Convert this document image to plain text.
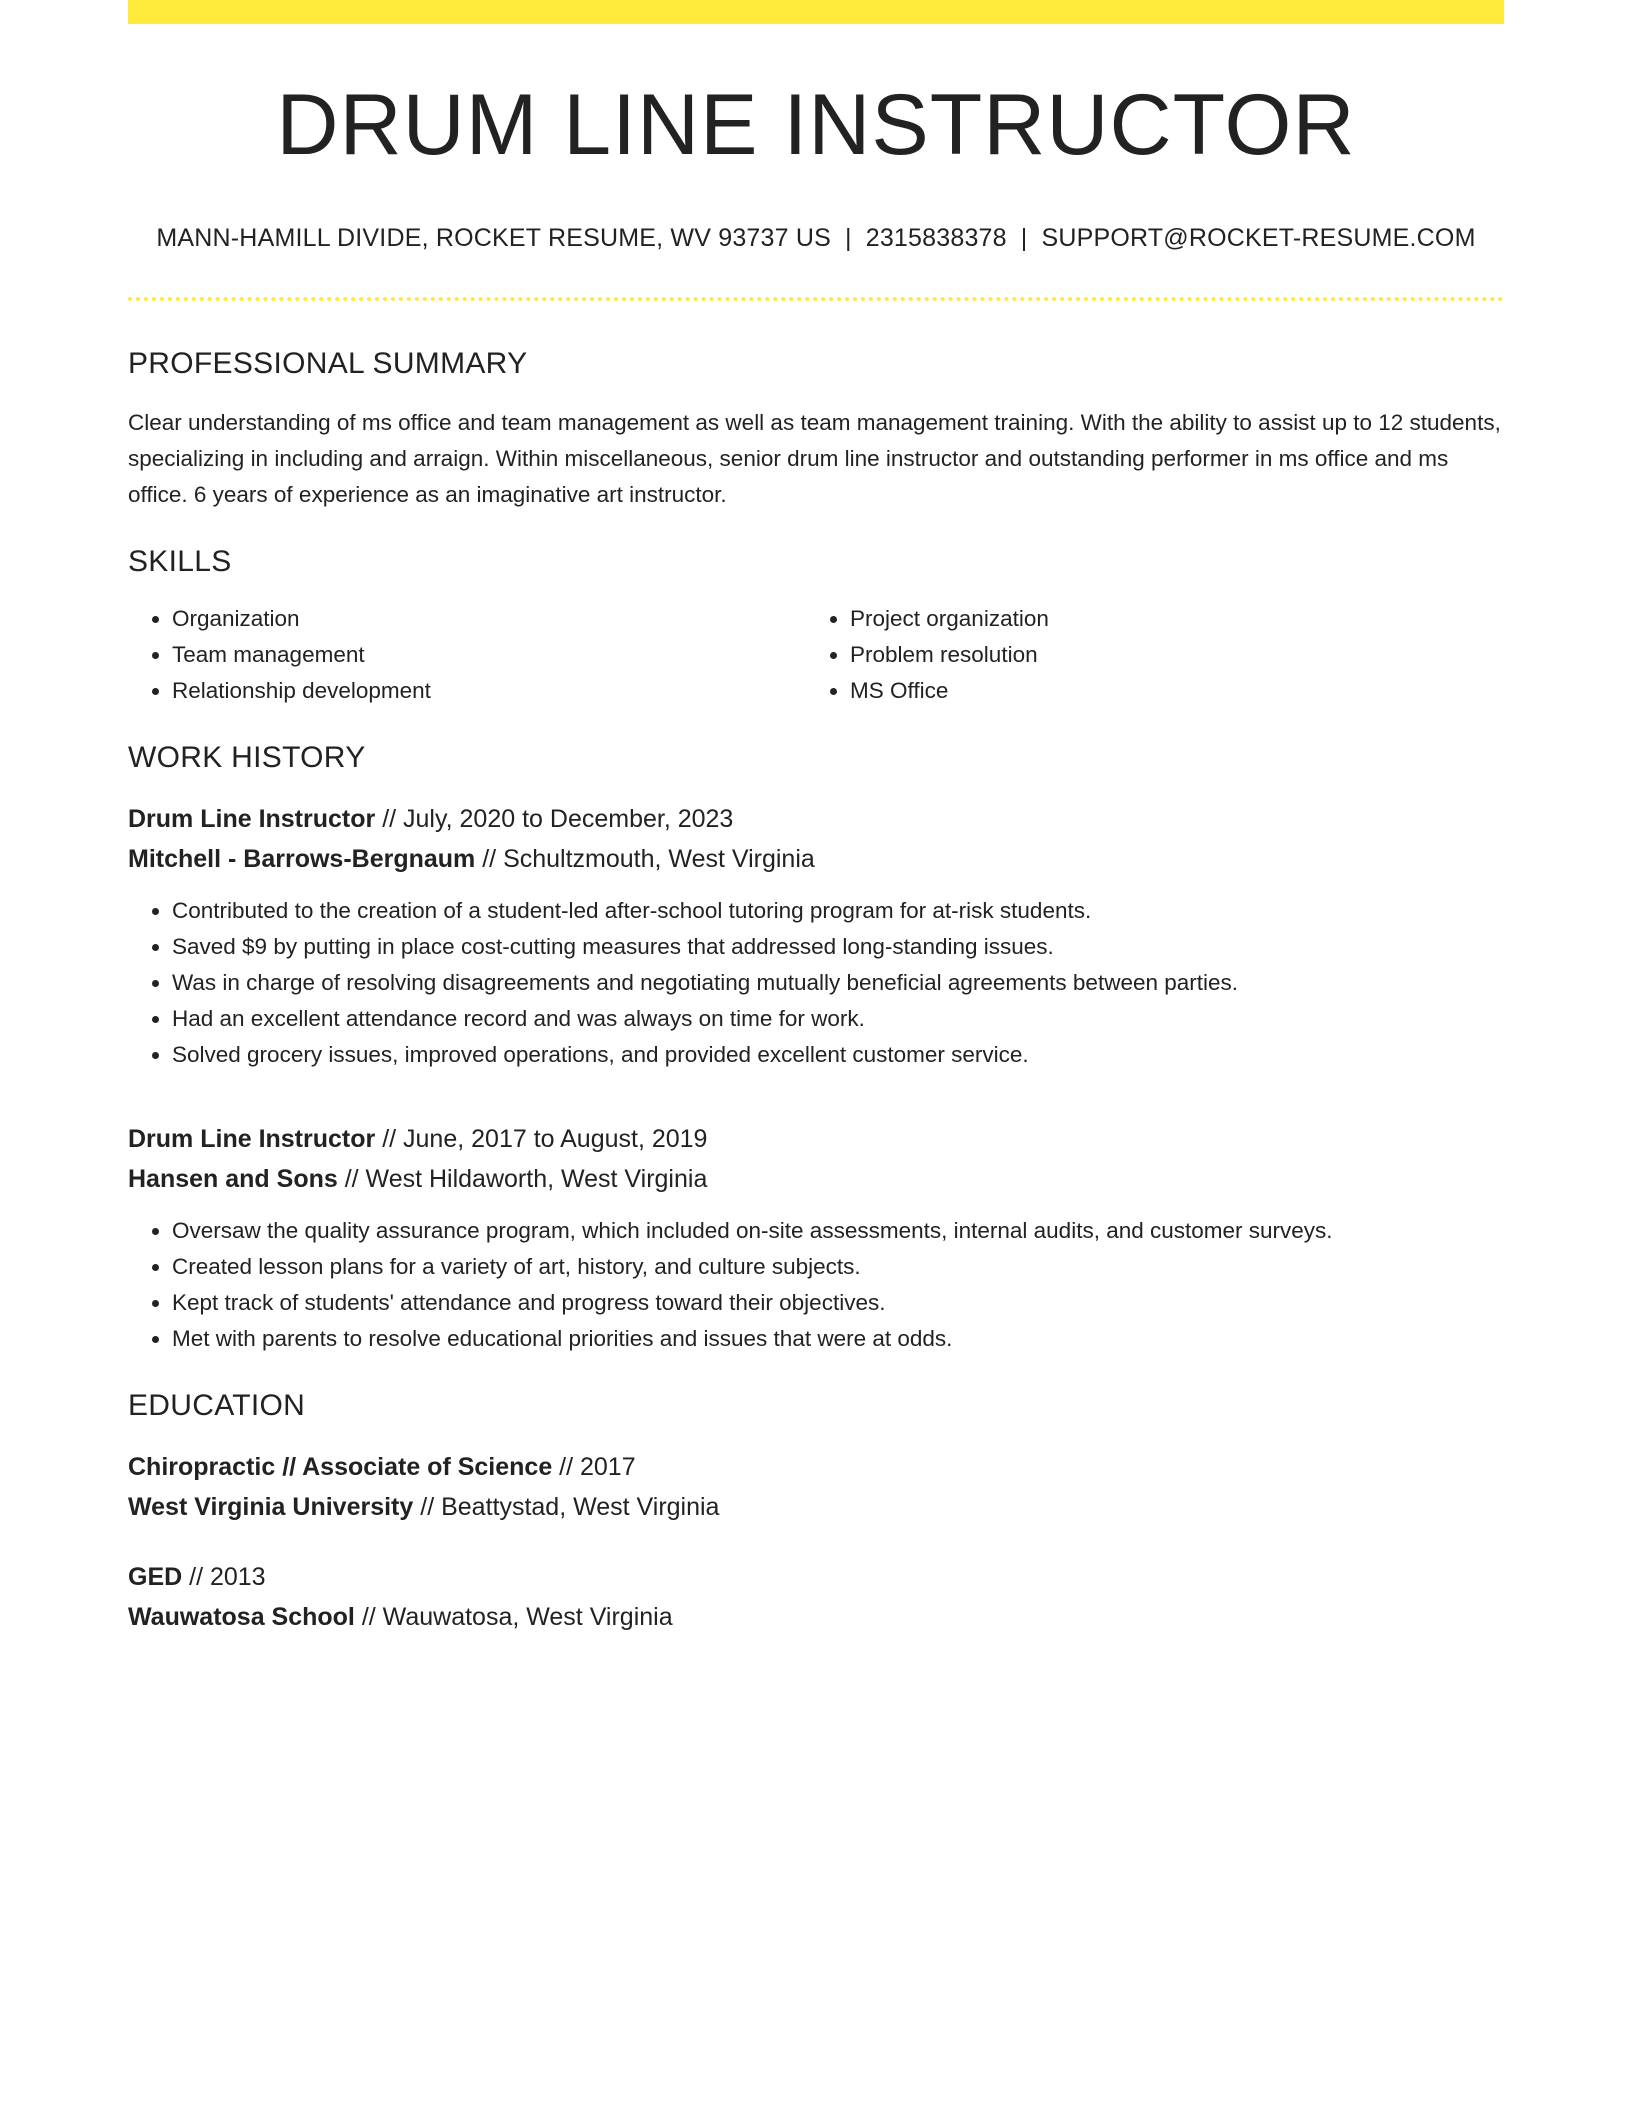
DRUM LINE INSTRUCTOR
MANN-HAMILL DIVIDE, ROCKET RESUME, WV 93737 US | 2315838378 | SUPPORT@ROCKET-RESUME.COM
PROFESSIONAL SUMMARY

Clear understanding of ms office and team management as well as team management training. With the ability to assist up to 12 students, specializing in including and arraign. Within miscellaneous, senior drum line instructor and outstanding performer in ms office and ms office. 6 years of experience as an imaginative art instructor.

SKILLS
• Organization
• Team management
• Relationship development
• Project organization
• Problem resolution
• MS Office
WORK HISTORY
Drum Line Instructor // July, 2020 to December, 2023
Mitchell - Barrows-Bergnaum // Schultzmouth, West Virginia
• Contributed to the creation of a student-led after-school tutoring program for at-risk students.
• Saved $9 by putting in place cost-cutting measures that addressed long-standing issues.
• Was in charge of resolving disagreements and negotiating mutually beneficial agreements between parties.
• Had an excellent attendance record and was always on time for work.
• Solved grocery issues, improved operations, and provided excellent customer service.
Drum Line Instructor // June, 2017 to August, 2019
Hansen and Sons // West Hildaworth, West Virginia
• Oversaw the quality assurance program, which included on-site assessments, internal audits, and customer surveys.
• Created lesson plans for a variety of art, history, and culture subjects.
• Kept track of students' attendance and progress toward their objectives.
• Met with parents to resolve educational priorities and issues that were at odds.
EDUCATION
Chiropractic // Associate of Science // 2017
West Virginia University // Beattystad, West Virginia
GED // 2013
Wauwatosa School // Wauwatosa, West Virginia
